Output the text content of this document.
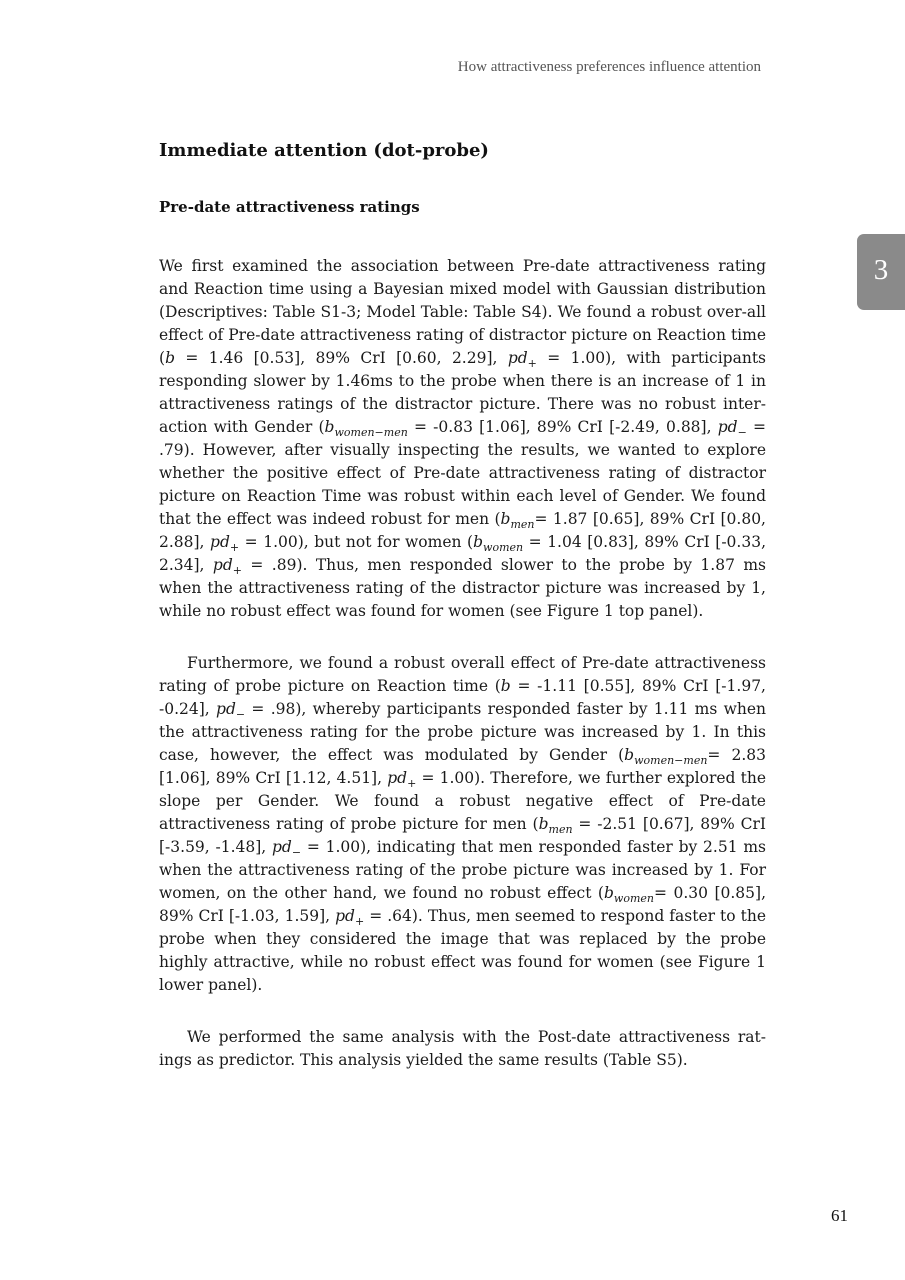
How attractiveness preferences influence attention
3
Immediate attention (dot-probe)
Pre-date attractiveness ratings

We first examined the association between Pre-date attractiveness rating and Reaction time using a Bayesian mixed model with Gaussian distribution (Descriptives: Table S1-3; Model Table: Table S4). We found a robust over-all effect of Pre-date attractiveness rating of distractor picture on Reaction time (b = 1.46 [0.53], 89% CrI [0.60, 2.29], $pd_+ = 1.00$), with participants responding slower by 1.46ms to the probe when there is an increase of 1 in attractiveness ratings of the distractor picture. There was no robust inter-action with Gender ($b_{women-men} = -0.83$ [1.06], 89% CrI [-2.49, 0.88], $pd_- = .79$). However, after visually inspecting the results, we wanted to explore whether the positive effect of Pre-date attractiveness rating of distractor picture on Reaction Time was robust within each level of Gender. We found that the effect was indeed robust for men ($b_{men}= 1.87$ [0.65], 89% CrI [0.80, 2.88], $pd_+ = 1.00$), but not for women ($b_{women} = 1.04$ [0.83], 89% CrI [-0.33, 2.34], $pd_+ = .89$). Thus, men responded slower to the probe by 1.87 ms when the attractiveness rating of the distractor picture was increased by 1, while no robust effect was found for women (see Figure 1 top panel).

Furthermore, we found a robust overall effect of Pre-date attractiveness rating of probe picture on Reaction time (b = -1.11 [0.55], 89% CrI [-1.97, -0.24], $pd_- = .98$), whereby participants responded faster by 1.11 ms when the attractiveness rating for the probe picture was increased by 1. In this case, however, the effect was modulated by Gender ($b_{women-men}= 2.83$ [1.06], 89% CrI [1.12, 4.51], $pd_+ = 1.00$). Therefore, we further explored the slope per Gender. We found a robust negative effect of Pre-date attractiveness rating of probe picture for men ($b_{men} = -2.51$ [0.67], 89% CrI [-3.59, -1.48], $pd_- = 1.00$), indicating that men responded faster by 2.51 ms when the attractiveness rating of the probe picture was increased by 1. For women, on the other hand, we found no robust effect ($b_{women}= 0.30$ [0.85], 89% CrI [-1.03, 1.59], $pd_+ = .64$). Thus, men seemed to respond faster to the probe when they considered the image that was replaced by the probe highly attractive, while no robust effect was found for women (see Figure 1 lower panel).

We performed the same analysis with the Post-date attractiveness rat-ings as predictor. This analysis yielded the same results (Table S5).

61
